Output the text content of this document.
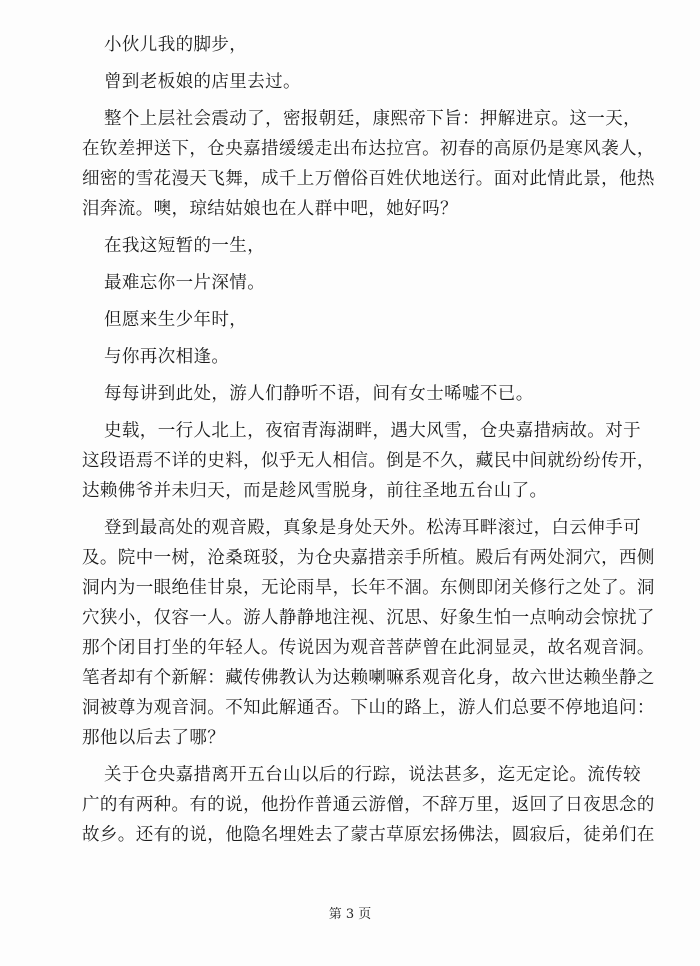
小伙儿我的脚步，
曾到老板娘的店里去过。
整个上层社会震动了，密报朝廷，康熙帝下旨：押解进京。这一天，
在钦差押送下，仓央嘉措缓缓走出布达拉宫。初春的高原仍是寒风袭人，
细密的雪花漫天飞舞，成千上万僧俗百姓伏地送行。面对此情此景，他热
泪奔流。噢，琼结姑娘也在人群中吧，她好吗？
在我这短暂的一生，
最难忘你一片深情。
但愿来生少年时，
与你再次相逢。
每每讲到此处，游人们静听不语，间有女士唏嘘不已。
史载，一行人北上，夜宿青海湖畔，遇大风雪，仓央嘉措病故。对于
这段语焉不详的史料，似乎无人相信。倒是不久，藏民中间就纷纷传开，
达赖佛爷并未归天，而是趁风雪脱身，前往圣地五台山了。
登到最高处的观音殿，真象是身处天外。松涛耳畔滚过，白云伸手可
及。院中一树，沧桑斑驳，为仓央嘉措亲手所植。殿后有两处洞穴，西侧
洞内为一眼绝佳甘泉，无论雨旱，长年不涸。东侧即闭关修行之处了。洞
穴狭小，仅容一人。游人静静地注视、沉思、好象生怕一点响动会惊扰了
那个闭目打坐的年轻人。传说因为观音菩萨曾在此洞显灵，故名观音洞。
笔者却有个新解：藏传佛教认为达赖喇嘛系观音化身，故六世达赖坐静之
洞被尊为观音洞。不知此解通否。下山的路上，游人们总要不停地追问：
那他以后去了哪？
关于仓央嘉措离开五台山以后的行踪，说法甚多，迄无定论。流传较
广的有两种。有的说，他扮作普通云游僧，不辞万里，返回了日夜思念的
故乡。还有的说，他隐名埋姓去了蒙古草原宏扬佛法，圆寂后，徒弟们在
第 3 页
